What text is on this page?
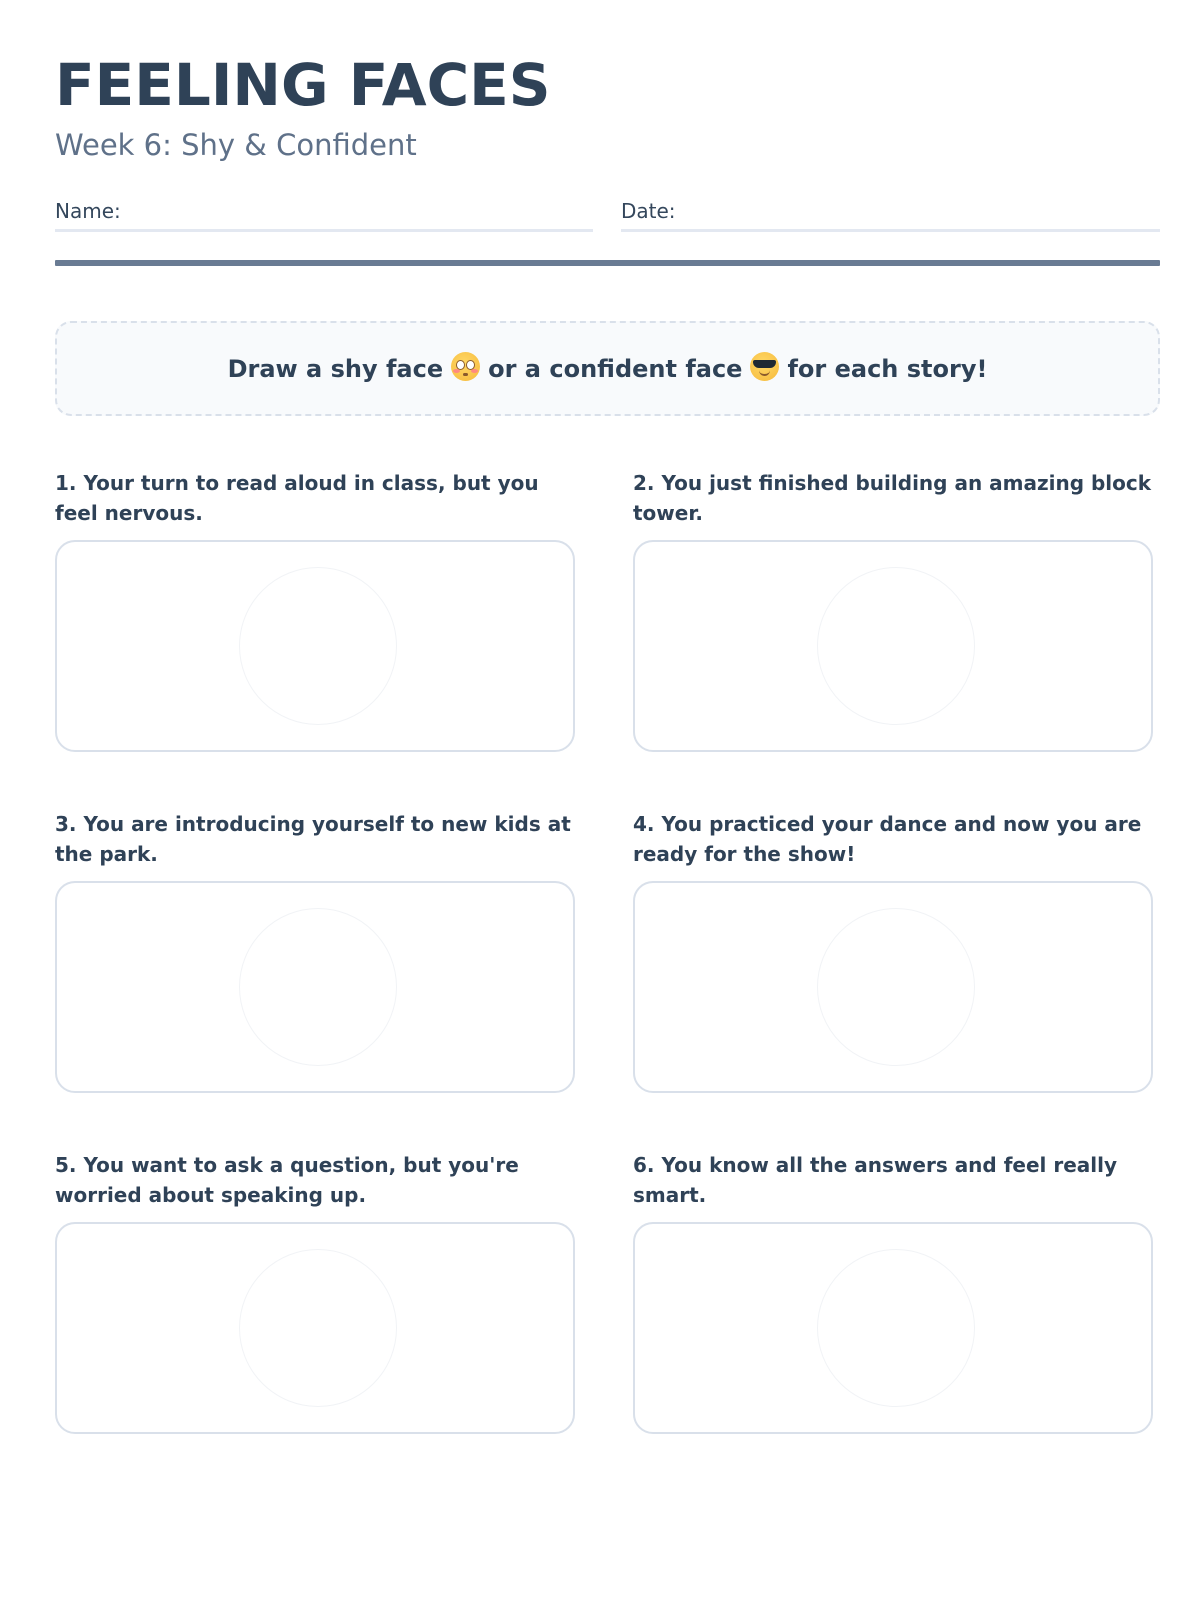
FEELING FACES
Week 6: Shy & Confident
Name:	Date:
Draw a shy face or a confident face for each story!
1. Your turn to read aloud in class, but you feel nervous.
2. You just finished building an amazing block tower.
3. You are introducing yourself to new kids at the park.
4. You practiced your dance and now you are ready for the show!
5. You want to ask a question, but you're worried about speaking up.
6. You know all the answers and feel really smart.
